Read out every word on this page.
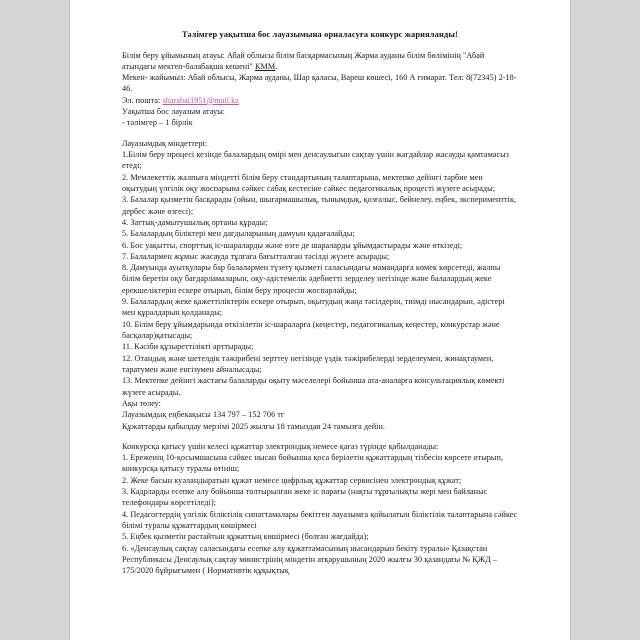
Тәлімгер уақытша бос лауазымына орналасуға конкурс жарияланды!

Білім беру ұйымының атауы: Абай облысы білім басқармасының Жарма ауданы білім бөлімінің "Абай атындағы мектеп-балабақша кешені" КММ.

Мекен- жайымыз: Абай облысы, Жарма ауданы, Шар қаласы, Вареш көшесі, 160 А ғимарат. Тел: 8(72345) 2-18-46.

Эл. пошта: sharabai1951@mail.kz

Уақытша бос лауазым атауы:

- тәлімгер – 1 бірлік

Лауазымдық міндеттері:

1.Білім беру процесі кезінде балалардың өмірі мен денсаулығын сақтау үшін жағдайлар жасауды қамтамасыз етеді;

2. Мемлекеттік жалпыға міндетті білім беру стандартының талаптарына, мектепке дейінгі тәрбие мен оқытудың үлгілік оқу жоспарына сәйкес сабақ кестесіне сәйкес педагогикалық процесті жүзеге асырады;

3. Балалар қызметін басқарады (ойын, шығармашылық, тынымдық, қозғалыс, бейнелеу, еңбек, эксперименттік, дербес және өзгесі);

4. Заттық-дамытушылық ортаны құрады;

5. Балалардың біліктері мен дағдыларының дамуын қадағалайды;

6. Бос уақытты, спорттық іс-шараларды және өзге де шараларды ұйымдастырады және өткізеді;

7. Балалармен жұмыс жасауда тұлғаға бағытталған тәсілді жүзеге асырады;

8. Дамуында ауытқулары бар балалармен түзету қызметі саласындағы мамандарға көмек көрсетеді, жалпы білім беретін оқу бағдарламаларын, оқу-әдістемелік әдебиетті зерделеу негізінде және балалардың жеке ерекшеліктерін ескере отырып, білім беру процесін жоспарлайды;

9. Балалардың жеке қажеттіліктерін ескере отырып, оқытудың жаңа тәсілдерін, тиімді нысандарын, әдістері мен құралдарын қолданады;

10. Білім беру ұйымдарында өткізілетін іс-шараларға (кеңестер, педагогикалық кеңестер, конкурстар және басқалар)қатысады;

11. Кәсіби құзыреттілікті арттырады;

12. Отандық және шетелдік тәжірибені зерттеу негізінде үздік тәжірибелерді зерделеумен, жинақтаумен, таратумен және енгізумен айналысады;

13. Мектепке дейінгі жастағы балаларды оқыту мәселелері бойынша ата-аналарға консультациялық көмекті жүзеге асырады.

Ақы төлеу:

Лауазымдық еңбекақысы 134 797 – 152 706 тг

Құжаттарды қабылдау мерзімі 2025 жылғы 18 тамыздан 24 тамызға дейін.

Конкурсқа қатысу үшін келесі құжаттар электрондық немесе қағаз түрінде қабылданады:

1. Ереженің 10-қосымшасына сәйкес нысан бойынша қоса берілетін құжаттардың тізбесін көрсете отырып, конкурсқа қатысу туралы өтініш;

2. Жеке басын куәландыратын құжат немесе цифрлық құжаттар сервисінен электрондық құжат;

3. Кадрларды есепке алу бойынша толтырылған жеке іс парағы (нақты тұрғылықты жері мен байланыс телефондары көрсетіледі);

4. Педагогтердің үлгілік біліктілік сипаттамалары бекітген лауазымға қойылатын біліктілік талаптарына сәйкес білімі туралы құжаттардың көшірмесі

5. Еңбек қызметін растайтын құжаттың көшірмесі (болған жағдайда);

6. «Денсаулық сақтау саласындағы есепке алу құжаттамасының нысандарын бекіту туралы» Қазақстан Республикасы Денсаулық сақтау министрінің міндетін атқарушының 2020 жылғы 30 қазандағы № ҚЖД – 175/2020 бұйрығымен ( Нормативтік құқықтық
